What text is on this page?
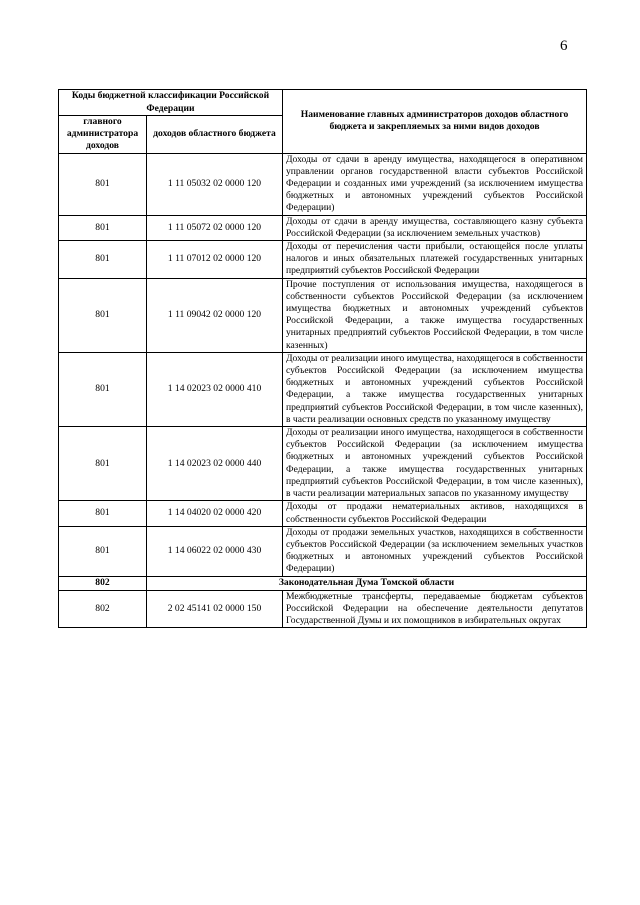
6
Коды бюджетной классификации Российской Федерации		Наименование главных администраторов доходов областного бюджета и закрепляемых за ними видов доходов
главного администратора доходов	доходов областного бюджета	
801	1 11 05032 02 0000 120	Доходы от сдачи в аренду имущества, находящегося в оперативном управлении органов государственной власти субъектов Российской Федерации и созданных ими учреждений (за исключением имущества бюджетных и автономных учреждений субъектов Российской Федерации)
801	1 11 05072 02 0000 120	Доходы от сдачи в аренду имущества, составляющего казну субъекта Российской Федерации (за исключением земельных участков)
801	1 11 07012 02 0000 120	Доходы от перечисления части прибыли, остающейся после уплаты налогов и иных обязательных платежей государственных унитарных предприятий субъектов Российской Федерации
801	1 11 09042 02 0000 120	Прочие поступления от использования имущества, находящегося в собственности субъектов Российской Федерации (за исключением имущества бюджетных и автономных учреждений субъектов Российской Федерации, а также имущества государственных унитарных предприятий субъектов Российской Федерации, в том числе казенных)
801	1 14 02023 02 0000 410	Доходы от реализации иного имущества, находящегося в собственности субъектов Российской Федерации (за исключением имущества бюджетных и автономных учреждений субъектов Российской Федерации, а также имущества государственных унитарных предприятий субъектов Российской Федерации, в том числе казенных), в части реализации основных средств по указанному имуществу
801	1 14 02023 02 0000 440	Доходы от реализации иного имущества, находящегося в собственности субъектов Российской Федерации (за исключением имущества бюджетных и автономных учреждений субъектов Российской Федерации, а также имущества государственных унитарных предприятий субъектов Российской Федерации, в том числе казенных), в части реализации материальных запасов по указанному имуществу
801	1 14 04020 02 0000 420	Доходы от продажи нематериальных активов, находящихся в собственности субъектов Российской Федерации
801	1 14 06022 02 0000 430	Доходы от продажи земельных участков, находящихся в собственности субъектов Российской Федерации (за исключением земельных участков бюджетных и автономных учреждений субъектов Российской Федерации)
802	Законодательная Дума Томской области	
802	2 02 45141 02 0000 150	Межбюджетные трансферты, передаваемые бюджетам субъектов Российской Федерации на обеспечение деятельности депутатов Государственной Думы и их помощников в избирательных округах
